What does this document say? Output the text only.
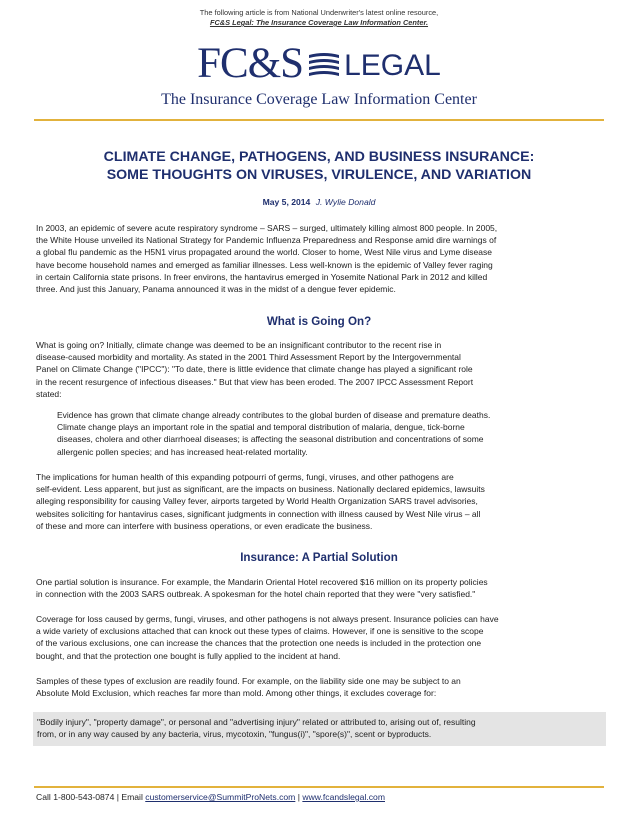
The following article is from National Underwriter's latest online resource,
FC&S Legal: The Insurance Coverage Law Information Center.
FC&S LEGAL
The Insurance Coverage Law Information Center
CLIMATE CHANGE, PATHOGENS, AND BUSINESS INSURANCE:
SOME THOUGHTS ON VIRUSES, VIRULENCE, AND VARIATION
May 5, 2014 J. Wylie Donald
In 2003, an epidemic of severe acute respiratory syndrome – SARS – surged, ultimately killing almost 800 people. In 2005,
the White House unveiled its National Strategy for Pandemic Influenza Preparedness and Response amid dire warnings of
a global flu pandemic as the H5N1 virus propagated around the world. Closer to home, West Nile virus and Lyme disease
have become household names and emerged as familiar illnesses. Less well-known is the epidemic of Valley fever raging
in certain California state prisons. In freer environs, the hantavirus emerged in Yosemite National Park in 2012 and killed
three. And just this January, Panama announced it was in the midst of a dengue fever epidemic.
What is Going On?
What is going on? Initially, climate change was deemed to be an insignificant contributor to the recent rise in
disease-caused morbidity and mortality. As stated in the 2001 Third Assessment Report by the Intergovernmental
Panel on Climate Change ("IPCC"): "To date, there is little evidence that climate change has played a significant role
in the recent resurgence of infectious diseases." But that view has been eroded. The 2007 IPCC Assessment Report
stated:
Evidence has grown that climate change already contributes to the global burden of disease and premature deaths.
Climate change plays an important role in the spatial and temporal distribution of malaria, dengue, tick-borne
diseases, cholera and other diarrhoeal diseases; is affecting the seasonal distribution and concentrations of some
allergenic pollen species; and has increased heat-related mortality.
The implications for human health of this expanding potpourri of germs, fungi, viruses, and other pathogens are
self-evident. Less apparent, but just as significant, are the impacts on business. Nationally declared epidemics, lawsuits
alleging responsibility for causing Valley fever, airports targeted by World Health Organization SARS travel advisories,
websites soliciting for hantavirus cases, significant judgments in connection with illness caused by West Nile virus – all
of these and more can interfere with business operations, or even eradicate the business.
Insurance: A Partial Solution
One partial solution is insurance. For example, the Mandarin Oriental Hotel recovered $16 million on its property policies
in connection with the 2003 SARS outbreak. A spokesman for the hotel chain reported that they were "very satisfied."
Coverage for loss caused by germs, fungi, viruses, and other pathogens is not always present. Insurance policies can have
a wide variety of exclusions attached that can knock out these types of claims. However, if one is sensitive to the scope
of the various exclusions, one can increase the chances that the protection one needs is included in the protection one
bought, and that the protection one bought is fully applied to the incident at hand.
Samples of these types of exclusion are readily found. For example, on the liability side one may be subject to an
Absolute Mold Exclusion, which reaches far more than mold. Among other things, it excludes coverage for:
"Bodily injury", "property damage", or personal and "advertising injury" related or attributed to, arising out of, resulting
from, or in any way caused by any bacteria, virus, mycotoxin, "fungus(i)", "spore(s)", scent or byproducts.
Call 1-800-543-0874 | Email customerservice@SummitProNets.com | www.fcandslegal.com
